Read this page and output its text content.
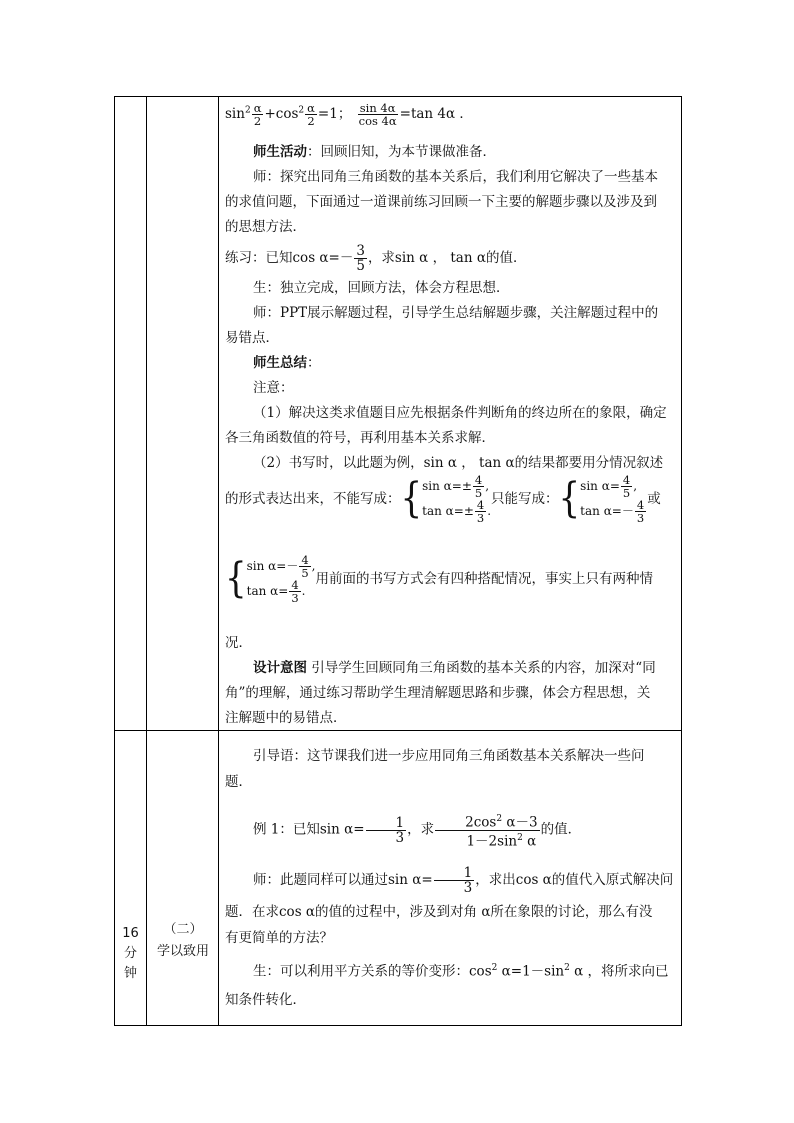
16
分
钟
（二）
学以致用
$\sin^2 \frac{\alpha}{2} +\cos^2 \frac{\alpha}{2} =1$； $\frac{\sin 4\alpha}{\cos 4\alpha} =\tan$ 4α ．
师生活动：回顾旧知，为本节课做准备．
师：探究出同角三角函数的基本关系后，我们利用它解决了一些基本
的求值问题，下面通过一道课前练习回顾一下主要的解题步骤以及涉及到
的思想方法．
练习：已知$\cos \alpha=- \frac{3}{5}$ ，求sin α ， tan α的值．
生：独立完成，回顾方法，体会方程思想．
师：PPT展示解题过程，引导学生总结解题步骤，关注解题过程中的
易错点．
师生总结：
注意：
（1）解决这类求值题目应先根据条件判断角的终边所在的象限，确定
各三角函数值的符号，再利用基本关系求解．
（2）书写时，以此题为例，sin α ， tan α的结果都要用分情况叙述
的形式表达出来，不能写成：{ $\sin \alpha=\pm \frac{4}{5}$ ,
$\tan \alpha=\pm \frac{4}{3}$ .
只能写成：{ $\sin \alpha= \frac{4}{5}$ ,
$\tan \alpha=- \frac{4}{3}$ 或
{ $\sin \alpha=- \frac{4}{5}$ ,
$\tan \alpha= \frac{4}{3}$ .
用前面的书写方式会有四种搭配情况，事实上只有两种情
况．
设计意图 引导学生回顾同角三角函数的基本关系的内容，加深对“同
角”的理解，通过练习帮助学生理清解题思路和步骤，体会方程思想，关
注解题中的易错点．
引导语：这节课我们进一步应用同角三角函数基本关系解决一些问
题．
例 1：已知$\sin \alpha= \frac{1}{3}$ ，求 $\frac{2\cos^2 \alpha-3}{1-2\sin^2 \alpha}$ 的值．
师：此题同样可以通过$\sin \alpha= \frac{1}{3}$ ，求出cos α的值代入原式解决问
题．在求cos α的值的过程中，涉及到对角 α所在象限的讨论，那么有没
有更简单的方法？
生：可以利用平方关系的等价变形：$\cos^2 \alpha=1-\sin^2$ α ，将所求向已
知条件转化．
